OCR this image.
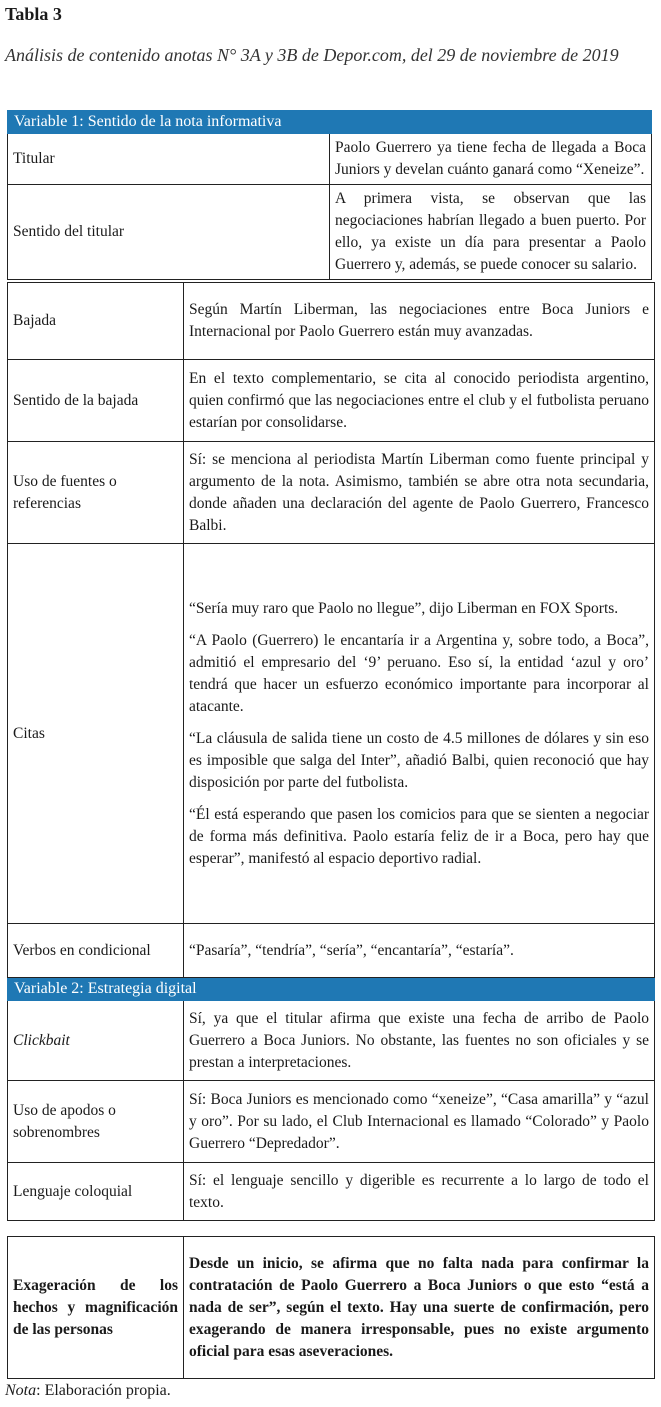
Tabla 3
Análisis de contenido anotas N° 3A y 3B de Depor.com, del 29 de noviembre de 2019
Variable 1: Sentido de la nota informativa	
Titular	Paolo Guerrero ya tiene fecha de llegada a Boca Juniors y develan cuánto ganará como “Xeneize”.
Sentido del titular	A primera vista, se observan que las negociaciones habrían llegado a buen puerto. Por ello, ya existe un día para presentar a Paolo Guerrero y, además, se puede conocer su salario.
Bajada	Según Martín Liberman, las negociaciones entre Boca Juniors e Internacional por Paolo Guerrero están muy avanzadas.
Sentido de la bajada	En el texto complementario, se cita al conocido periodista argentino, quien confirmó que las negociaciones entre el club y el futbolista peruano estarían por consolidarse.
Uso de fuentes o referencias	Sí: se menciona al periodista Martín Liberman como fuente principal y argumento de la nota. Asimismo, también se abre otra nota secundaria, donde añaden una declaración del agente de Paolo Guerrero, Francesco Balbi.
Citas	“Sería muy raro que Paolo no llegue”, dijo Liberman en FOX Sports.

“A Paolo (Guerrero) le encantaría ir a Argentina y, sobre todo, a Boca”, admitió el empresario del ‘9’ peruano. Eso sí, la entidad ‘azul y oro’ tendrá que hacer un esfuerzo económico importante para incorporar al atacante.

“La cláusula de salida tiene un costo de 4.5 millones de dólares y sin eso es imposible que salga del Inter”, añadió Balbi, quien reconoció que hay disposición por parte del futbolista.

“Él está esperando que pasen los comicios para que se sienten a negociar de forma más definitiva. Paolo estaría feliz de ir a Boca, pero hay que esperar”, manifestó al espacio deportivo radial.

Verbos en condicional	“Pasaría”, “tendría”, “sería”, “encantaría”, “estaría”.
Variable 2: Estrategia digital	
Clickbait	Sí, ya que el titular afirma que existe una fecha de arribo de Paolo Guerrero a Boca Juniors. No obstante, las fuentes no son oficiales y se prestan a interpretaciones.
Uso de apodos o sobrenombres	Sí: Boca Juniors es mencionado como “xeneize”, “Casa amarilla” y “azul y oro”. Por su lado, el Club Internacional es llamado “Colorado” y Paolo Guerrero “Depredador”.
Lenguaje coloquial	Sí: el lenguaje sencillo y digerible es recurrente a lo largo de todo el texto.
Exageración de los hechos y magnificación de las personas	Desde un inicio, se afirma que no falta nada para confirmar la contratación de Paolo Guerrero a Boca Juniors o que esto “está a nada de ser”, según el texto. Hay una suerte de confirmación, pero exagerando de manera irresponsable, pues no existe argumento oficial para esas aseveraciones.
Nota: Elaboración propia.
